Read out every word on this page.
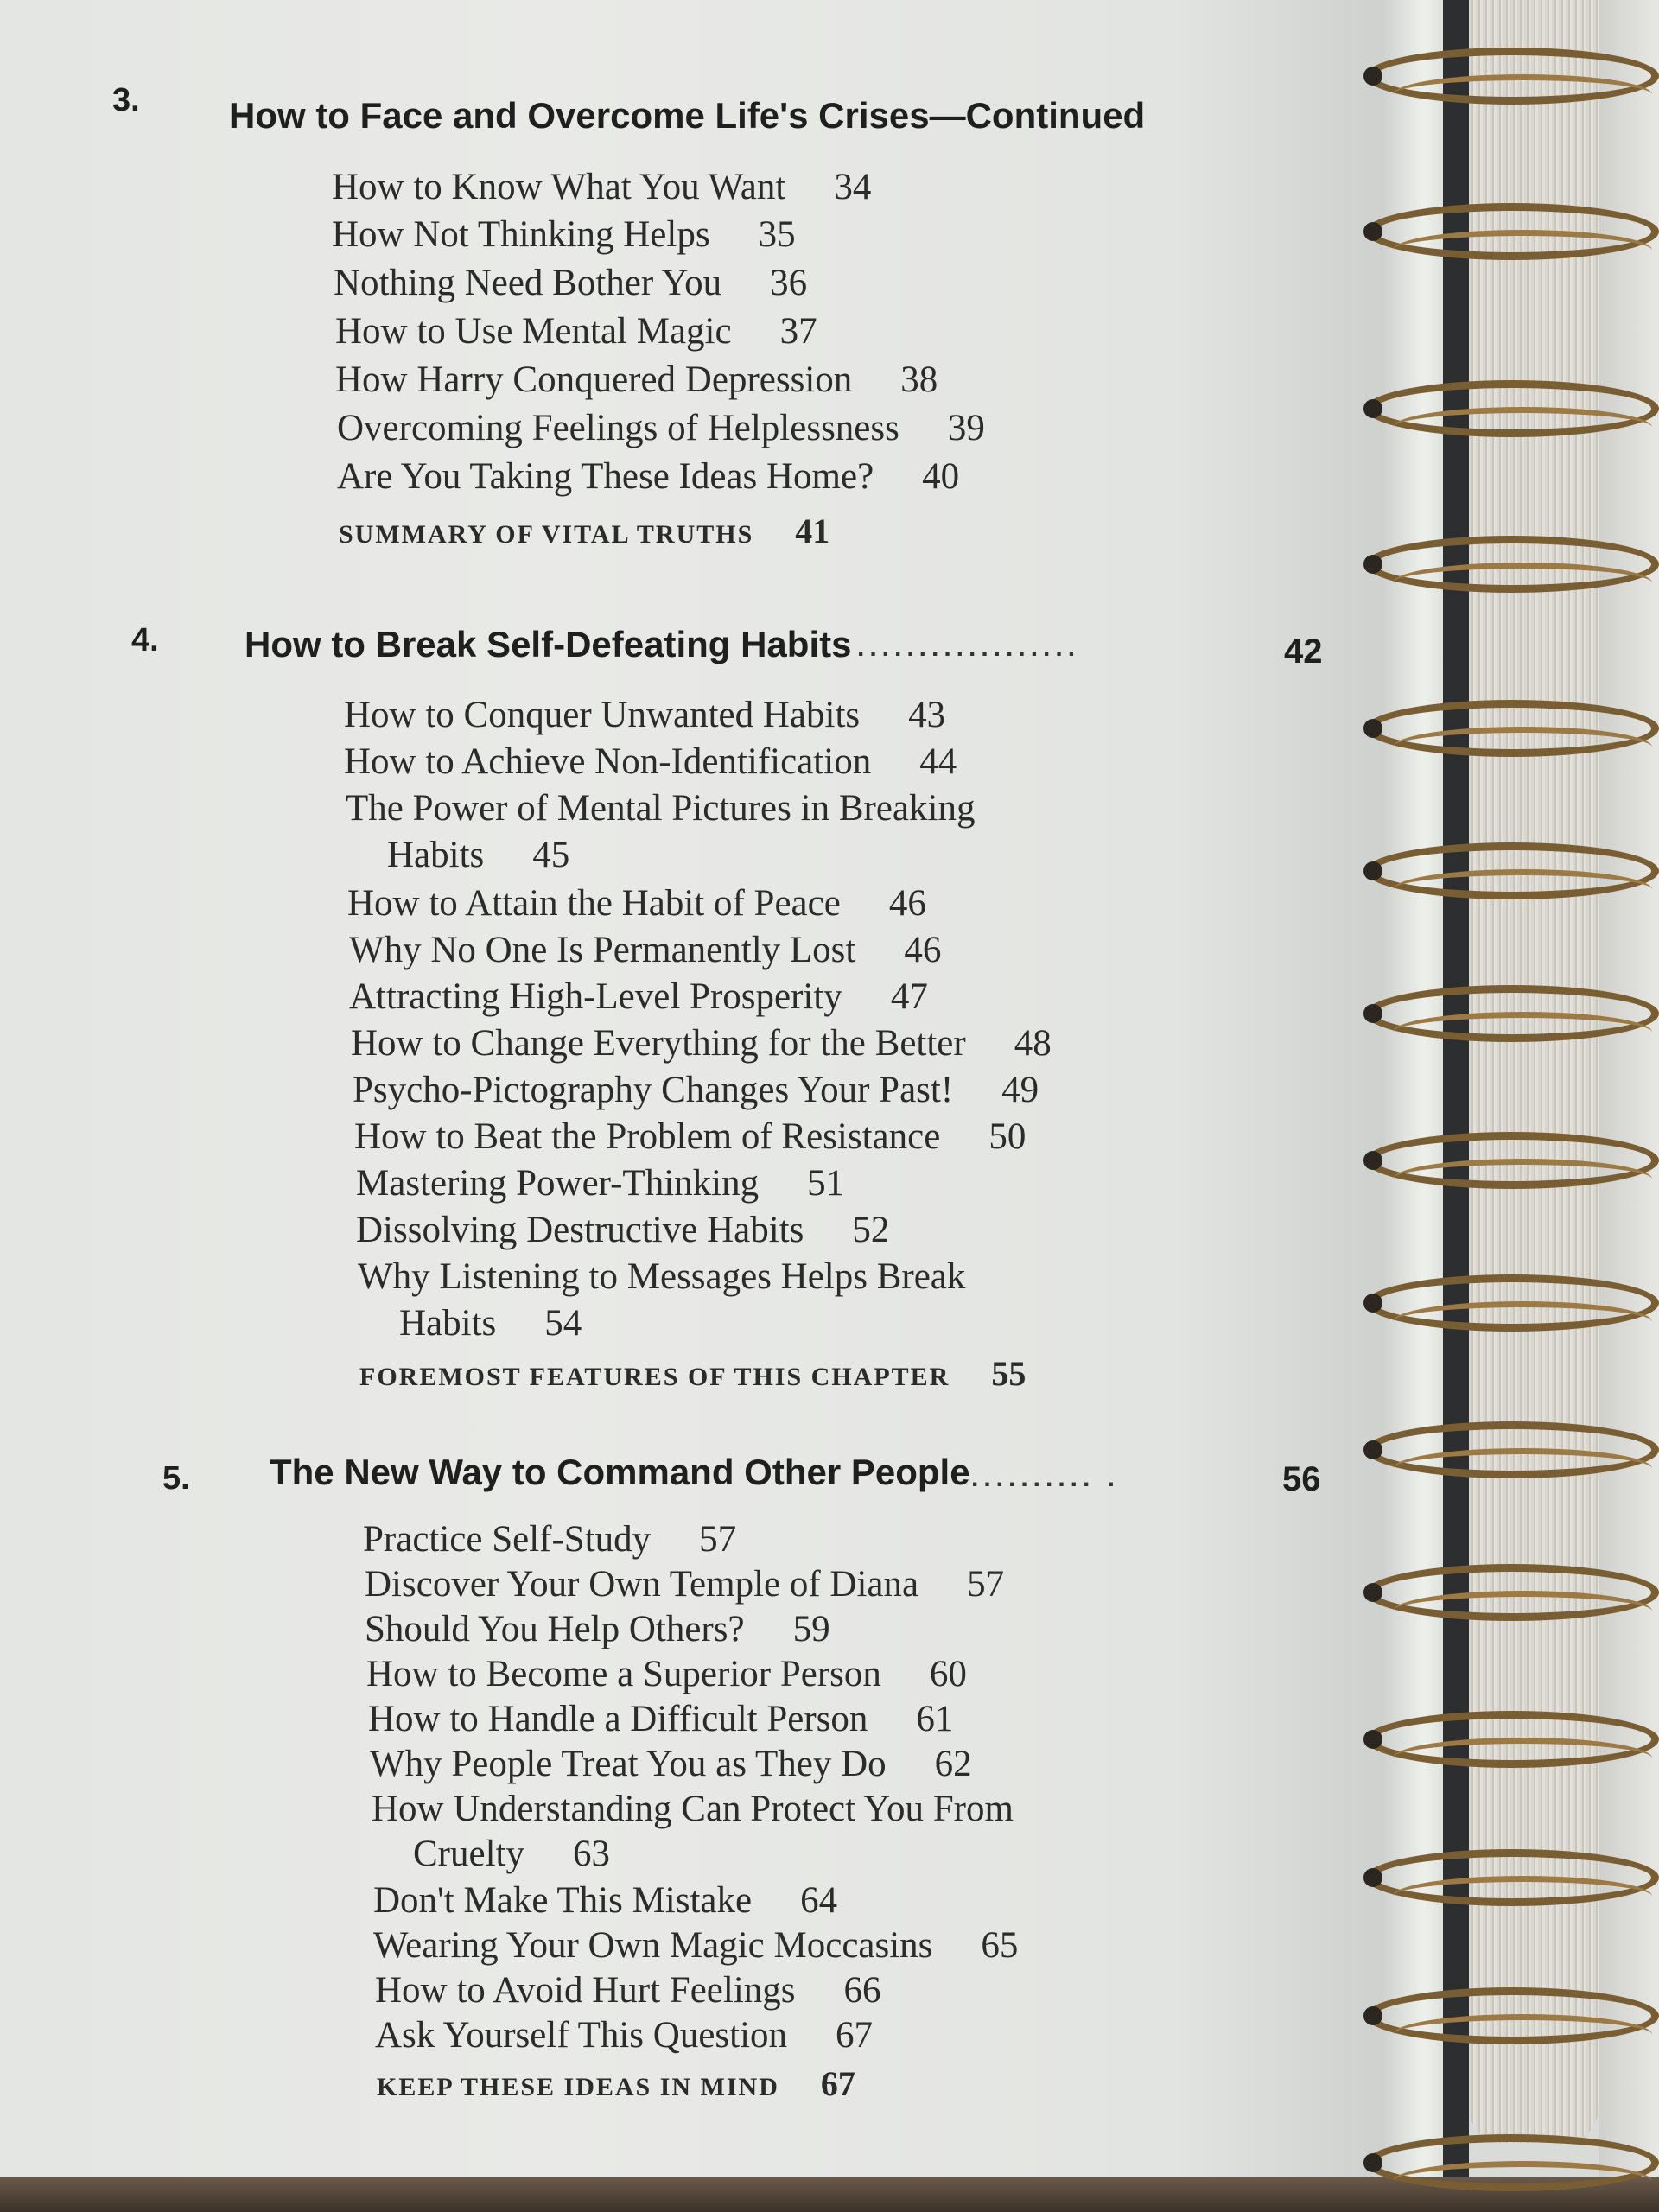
3. How to Face and Overcome Life's Crises—Continued
How to Know What You Want 34
How Not Thinking Helps 35
Nothing Need Bother You 36
How to Use Mental Magic 37
How Harry Conquered Depression 38
Overcoming Feelings of Helplessness 39
Are You Taking These Ideas Home? 40
SUMMARY OF VITAL TRUTHS 41
4. How to Break Self-Defeating Habits ..................	42
How to Conquer Unwanted Habits 43
How to Achieve Non-Identification 44
The Power of Mental Pictures in Breaking
Habits 45
How to Attain the Habit of Peace 46
Why No One Is Permanently Lost 46
Attracting High-Level Prosperity 47
How to Change Everything for the Better 48
Psycho-Pictography Changes Your Past! 49
How to Beat the Problem of Resistance 50
Mastering Power-Thinking 51
Dissolving Destructive Habits 52
Why Listening to Messages Helps Break
Habits 54
FOREMOST FEATURES OF THIS CHAPTER 55
5. The New Way to Command Other People .......... .	56
Practice Self-Study 57
Discover Your Own Temple of Diana 57
Should You Help Others? 59
How to Become a Superior Person 60
How to Handle a Difficult Person 61
Why People Treat You as They Do 62
How Understanding Can Protect You From
Cruelty 63
Don't Make This Mistake 64
Wearing Your Own Magic Moccasins 65
How to Avoid Hurt Feelings 66
Ask Yourself This Question 67
KEEP THESE IDEAS IN MIND 67
